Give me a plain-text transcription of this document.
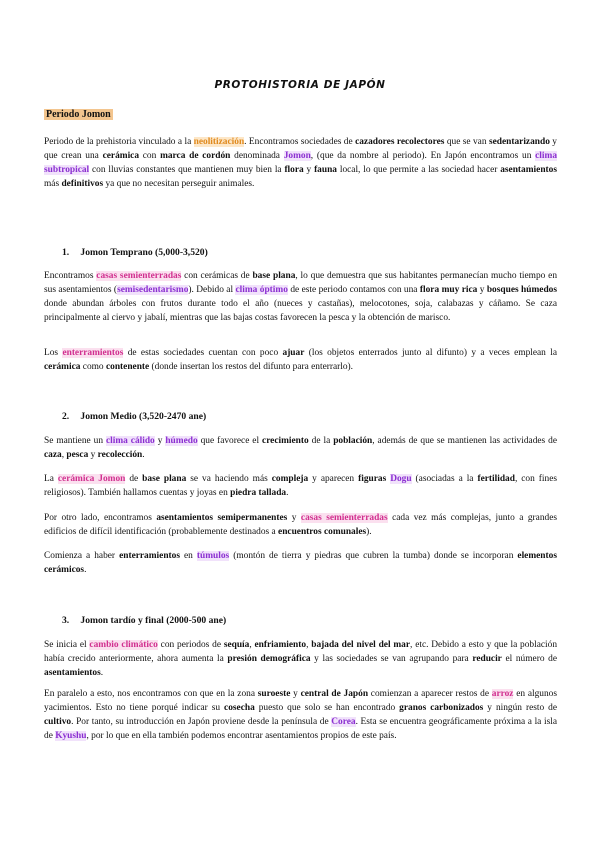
PROTOHISTORIA DE JAPÓN
Periodo Jomon
Periodo de la prehistoria vinculado a la neolitización. Encontramos sociedades de cazadores recolectores que se van sedentarizando y que crean una cerámica con marca de cordón denominada Jomon, (que da nombre al periodo). En Japón encontramos un clima subtropical con lluvias constantes que mantienen muy bien la flora y fauna local, lo que permite a las sociedad hacer asentamientos más definitivos ya que no necesitan perseguir animales.
1. Jomon Temprano (5,000-3,520)
Encontramos casas semienterradas con cerámicas de base plana, lo que demuestra que sus habitantes permanecían mucho tiempo en sus asentamientos (semisedentarismo). Debido al clima óptimo de este periodo contamos con una flora muy rica y bosques húmedos donde abundan árboles con frutos durante todo el año (nueces y castañas), melocotones, soja, calabazas y cáñamo. Se caza principalmente al ciervo y jabalí, mientras que las bajas costas favorecen la pesca y la obtención de marisco.
Los enterramientos de estas sociedades cuentan con poco ajuar (los objetos enterrados junto al difunto) y a veces emplean la cerámica como contenente (donde insertan los restos del difunto para enterrarlo).
2. Jomon Medio (3,520-2470 ane)
Se mantiene un clima cálido y húmedo que favorece el crecimiento de la población, además de que se mantienen las actividades de caza, pesca y recolección.
La cerámica Jomon de base plana se va haciendo más compleja y aparecen figuras Dogu (asociadas a la fertilidad, con fines religiosos). También hallamos cuentas y joyas en piedra tallada.
Por otro lado, encontramos asentamientos semipermanentes y casas semienterradas cada vez más complejas, junto a grandes edificios de difícil identificación (probablemente destinados a encuentros comunales).
Comienza a haber enterramientos en túmulos (montón de tierra y piedras que cubren la tumba) donde se incorporan elementos cerámicos.
3. Jomon tardío y final (2000-500 ane)
Se inicia el cambio climático con periodos de sequía, enfriamiento, bajada del nivel del mar, etc. Debido a esto y que la población había crecido anteriormente, ahora aumenta la presión demográfica y las sociedades se van agrupando para reducir el número de asentamientos.
En paralelo a esto, nos encontramos con que en la zona suroeste y central de Japón comienzan a aparecer restos de arroz en algunos yacimientos. Esto no tiene porqué indicar su cosecha puesto que solo se han encontrado granos carbonizados y ningún resto de cultivo. Por tanto, su introducción en Japón proviene desde la península de Corea. Esta se encuentra geográficamente próxima a la isla de Kyushu, por lo que en ella también podemos encontrar asentamientos propios de este país.
